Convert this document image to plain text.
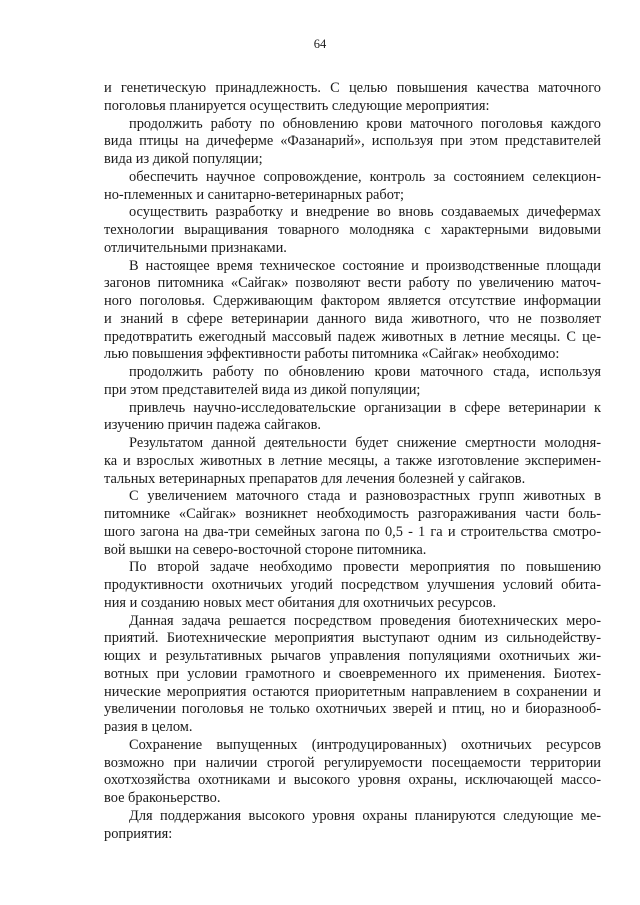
64
и генетическую принадлежность. С целью повышения качества маточного
поголовья планируется осуществить следующие мероприятия:
продолжить работу по обновлению крови маточного поголовья каждого
вида птицы на дичеферме «Фазанарий», используя при этом представителей
вида из дикой популяции;
обеспечить научное сопровождение, контроль за состоянием селекцион-
но-племенных и санитарно-ветеринарных работ;
осуществить разработку и внедрение во вновь создаваемых дичефермах
технологии выращивания товарного молодняка с характерными видовыми
отличительными признаками.
В настоящее время техническое состояние и производственные площади
загонов питомника «Сайгак» позволяют вести работу по увеличению маточ-
ного поголовья. Сдерживающим фактором является отсутствие информации
и знаний в сфере ветеринарии данного вида животного, что не позволяет
предотвратить ежегодный массовый падеж животных в летние месяцы. С це-
лью повышения эффективности работы питомника «Сайгак» необходимо:
продолжить работу по обновлению крови маточного стада, используя
при этом представителей вида из дикой популяции;
привлечь научно-исследовательские организации в сфере ветеринарии к
изучению причин падежа сайгаков.
Результатом данной деятельности будет снижение смертности молодня-
ка и взрослых животных в летние месяцы, а также изготовление эксперимен-
тальных ветеринарных препаратов для лечения болезней у сайгаков.
С увеличением маточного стада и разновозрастных групп животных в
питомнике «Сайгак» возникнет необходимость разгораживания части боль-
шого загона на два-три семейных загона по 0,5 - 1 га и строительства смотро-
вой вышки на северо-восточной стороне питомника.
По второй задаче необходимо провести мероприятия по повышению
продуктивности охотничьих угодий посредством улучшения условий обита-
ния и созданию новых мест обитания для охотничьих ресурсов.
Данная задача решается посредством проведения биотехнических меро-
приятий. Биотехнические мероприятия выступают одним из сильнодейству-
ющих и результативных рычагов управления популяциями охотничьих жи-
вотных при условии грамотного и своевременного их применения. Биотех-
нические мероприятия остаются приоритетным направлением в сохранении и
увеличении поголовья не только охотничьих зверей и птиц, но и биоразнооб-
разия в целом.
Сохранение выпущенных (интродуцированных) охотничьих ресурсов
возможно при наличии строгой регулируемости посещаемости территории
охотхозяйства охотниками и высокого уровня охраны, исключающей массо-
вое браконьерство.
Для поддержания высокого уровня охраны планируются следующие ме-
роприятия:
